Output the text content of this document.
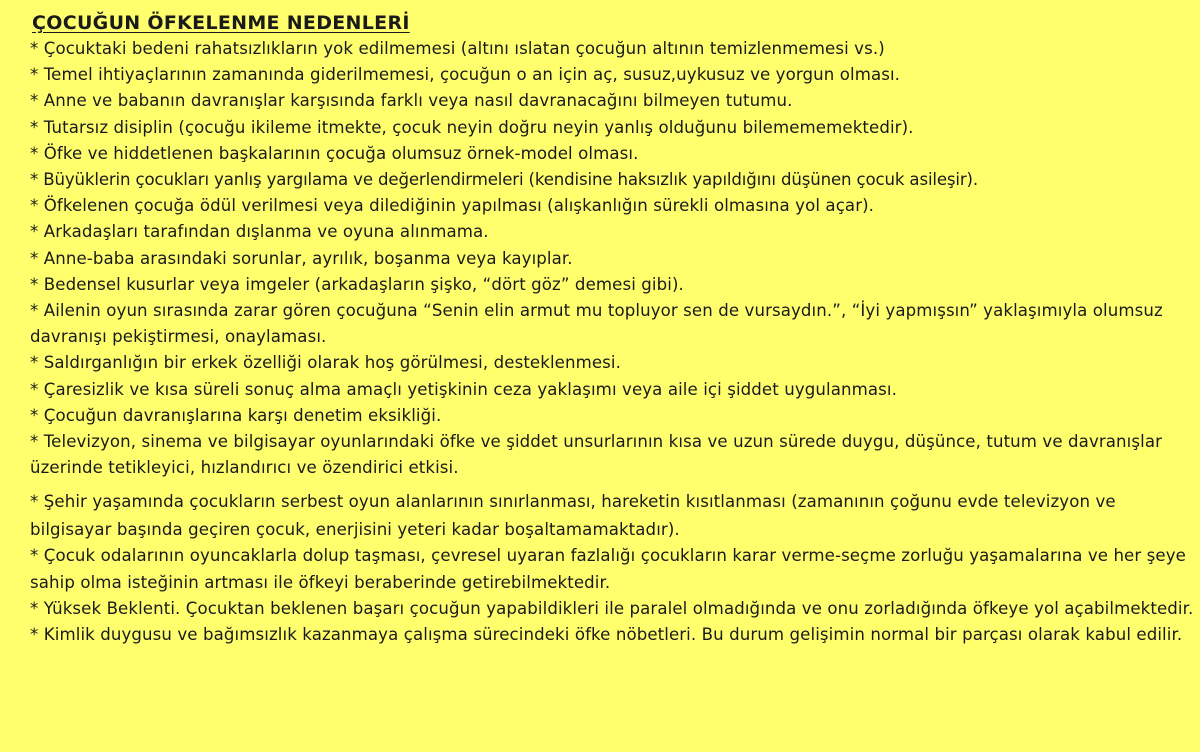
ÇOCUĞUN ÖFKELENME NEDENLERİ
* Çocuktaki bedeni rahatsızlıkların yok edilmemesi (altını ıslatan çocuğun altının temizlenmemesi vs.)
* Temel ihtiyaçlarının zamanında giderilmemesi, çocuğun o an için aç, susuz,uykusuz ve yorgun olması.
* Anne ve babanın davranışlar karşısında farklı veya nasıl davranacağını bilmeyen tutumu.
* Tutarsız disiplin (çocuğu ikileme itmekte, çocuk neyin doğru neyin yanlış olduğunu bilemememektedir).
* Öfke ve hiddetlenen başkalarının çocuğa olumsuz örnek-model olması.
* Büyüklerin çocukları yanlış yargılama ve değerlendirmeleri (kendisine haksızlık yapıldığını düşünen çocuk asileşir).
* Öfkelenen çocuğa ödül verilmesi veya dilediğinin yapılması (alışkanlığın sürekli olmasına yol açar).
* Arkadaşları tarafından dışlanma ve oyuna alınmama.
* Anne-baba arasındaki sorunlar, ayrılık, boşanma veya kayıplar.
* Bedensel kusurlar veya imgeler (arkadaşların şişko, “dört göz” demesi gibi).
* Ailenin oyun sırasında zarar gören çocuğuna “Senin elin armut mu topluyor sen de vursaydın.”, “İyi yapmışsın” yaklaşımıyla olumsuz davranışı pekiştirmesi, onaylaması.
* Saldırganlığın bir erkek özelliği olarak hoş görülmesi, desteklenmesi.
* Çaresizlik ve kısa süreli sonuç alma amaçlı yetişkinin ceza yaklaşımı veya aile içi şiddet uygulanması.
* Çocuğun davranışlarına karşı denetim eksikliği.
* Televizyon, sinema ve bilgisayar oyunlarındaki öfke ve şiddet unsurlarının kısa ve uzun sürede duygu, düşünce, tutum ve davranışlar üzerinde tetikleyici, hızlandırıcı ve özendirici etkisi.
* Şehir yaşamında çocukların serbest oyun alanlarının sınırlanması, hareketin kısıtlanması (zamanının çoğunu evde televizyon ve bilgisayar başında geçiren çocuk, enerjisini yeteri kadar boşaltamamaktadır).
* Çocuk odalarının oyuncaklarla dolup taşması, çevresel uyaran fazlalığı çocukların karar verme-seçme zorluğu yaşamalarına ve her şeye sahip olma isteğinin artması ile öfkeyi beraberinde getirebilmektedir.
* Yüksek Beklenti. Çocuktan beklenen başarı çocuğun yapabildikleri ile paralel olmadığında ve onu zorladığında öfkeye yol açabilmektedir.
* Kimlik duygusu ve bağımsızlık kazanmaya çalışma sürecindeki öfke nöbetleri. Bu durum gelişimin normal bir parçası olarak kabul edilir.
